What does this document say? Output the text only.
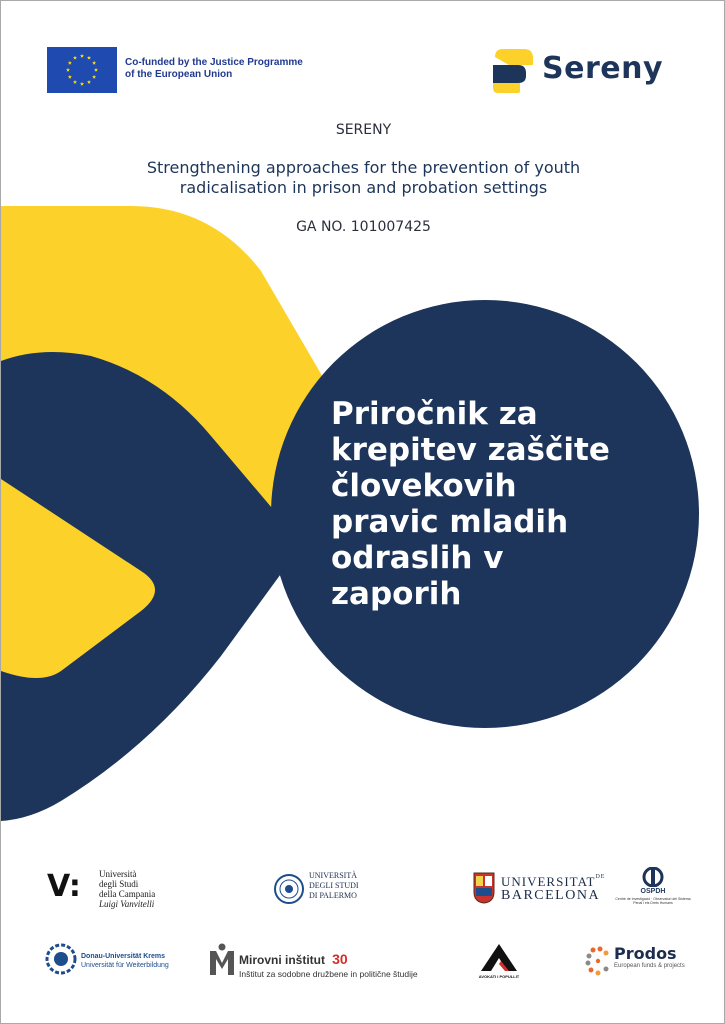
Co-funded by the Justice Programme
of the European Union	Sereny
SERENY
Strengthening approaches for the prevention of youth
radicalisation in prison and probation settings
GA NO. 101007425
Priročnik za
krepitev zaščite
človekovih
pravic mladih
odraslih v
zaporih
V: Università
degli Studi
della Campania
Luigi Vanvitelli
UNIVERSITÀ
DEGLI STUDI
DI PALERMO
$UNIVERSITAT^{DE}$
BARCELONA	OSPDH
Centre de Investigació · Observatori del Sistema Penal i els Drets Humans
Donau-Universität Krems
Universität für Weiterbildung	Mirovni inštitut 30
Inštitut za sodobne družbene in politične študije	AVOKATI I POPULLIT
Prodos
European funds & projects
